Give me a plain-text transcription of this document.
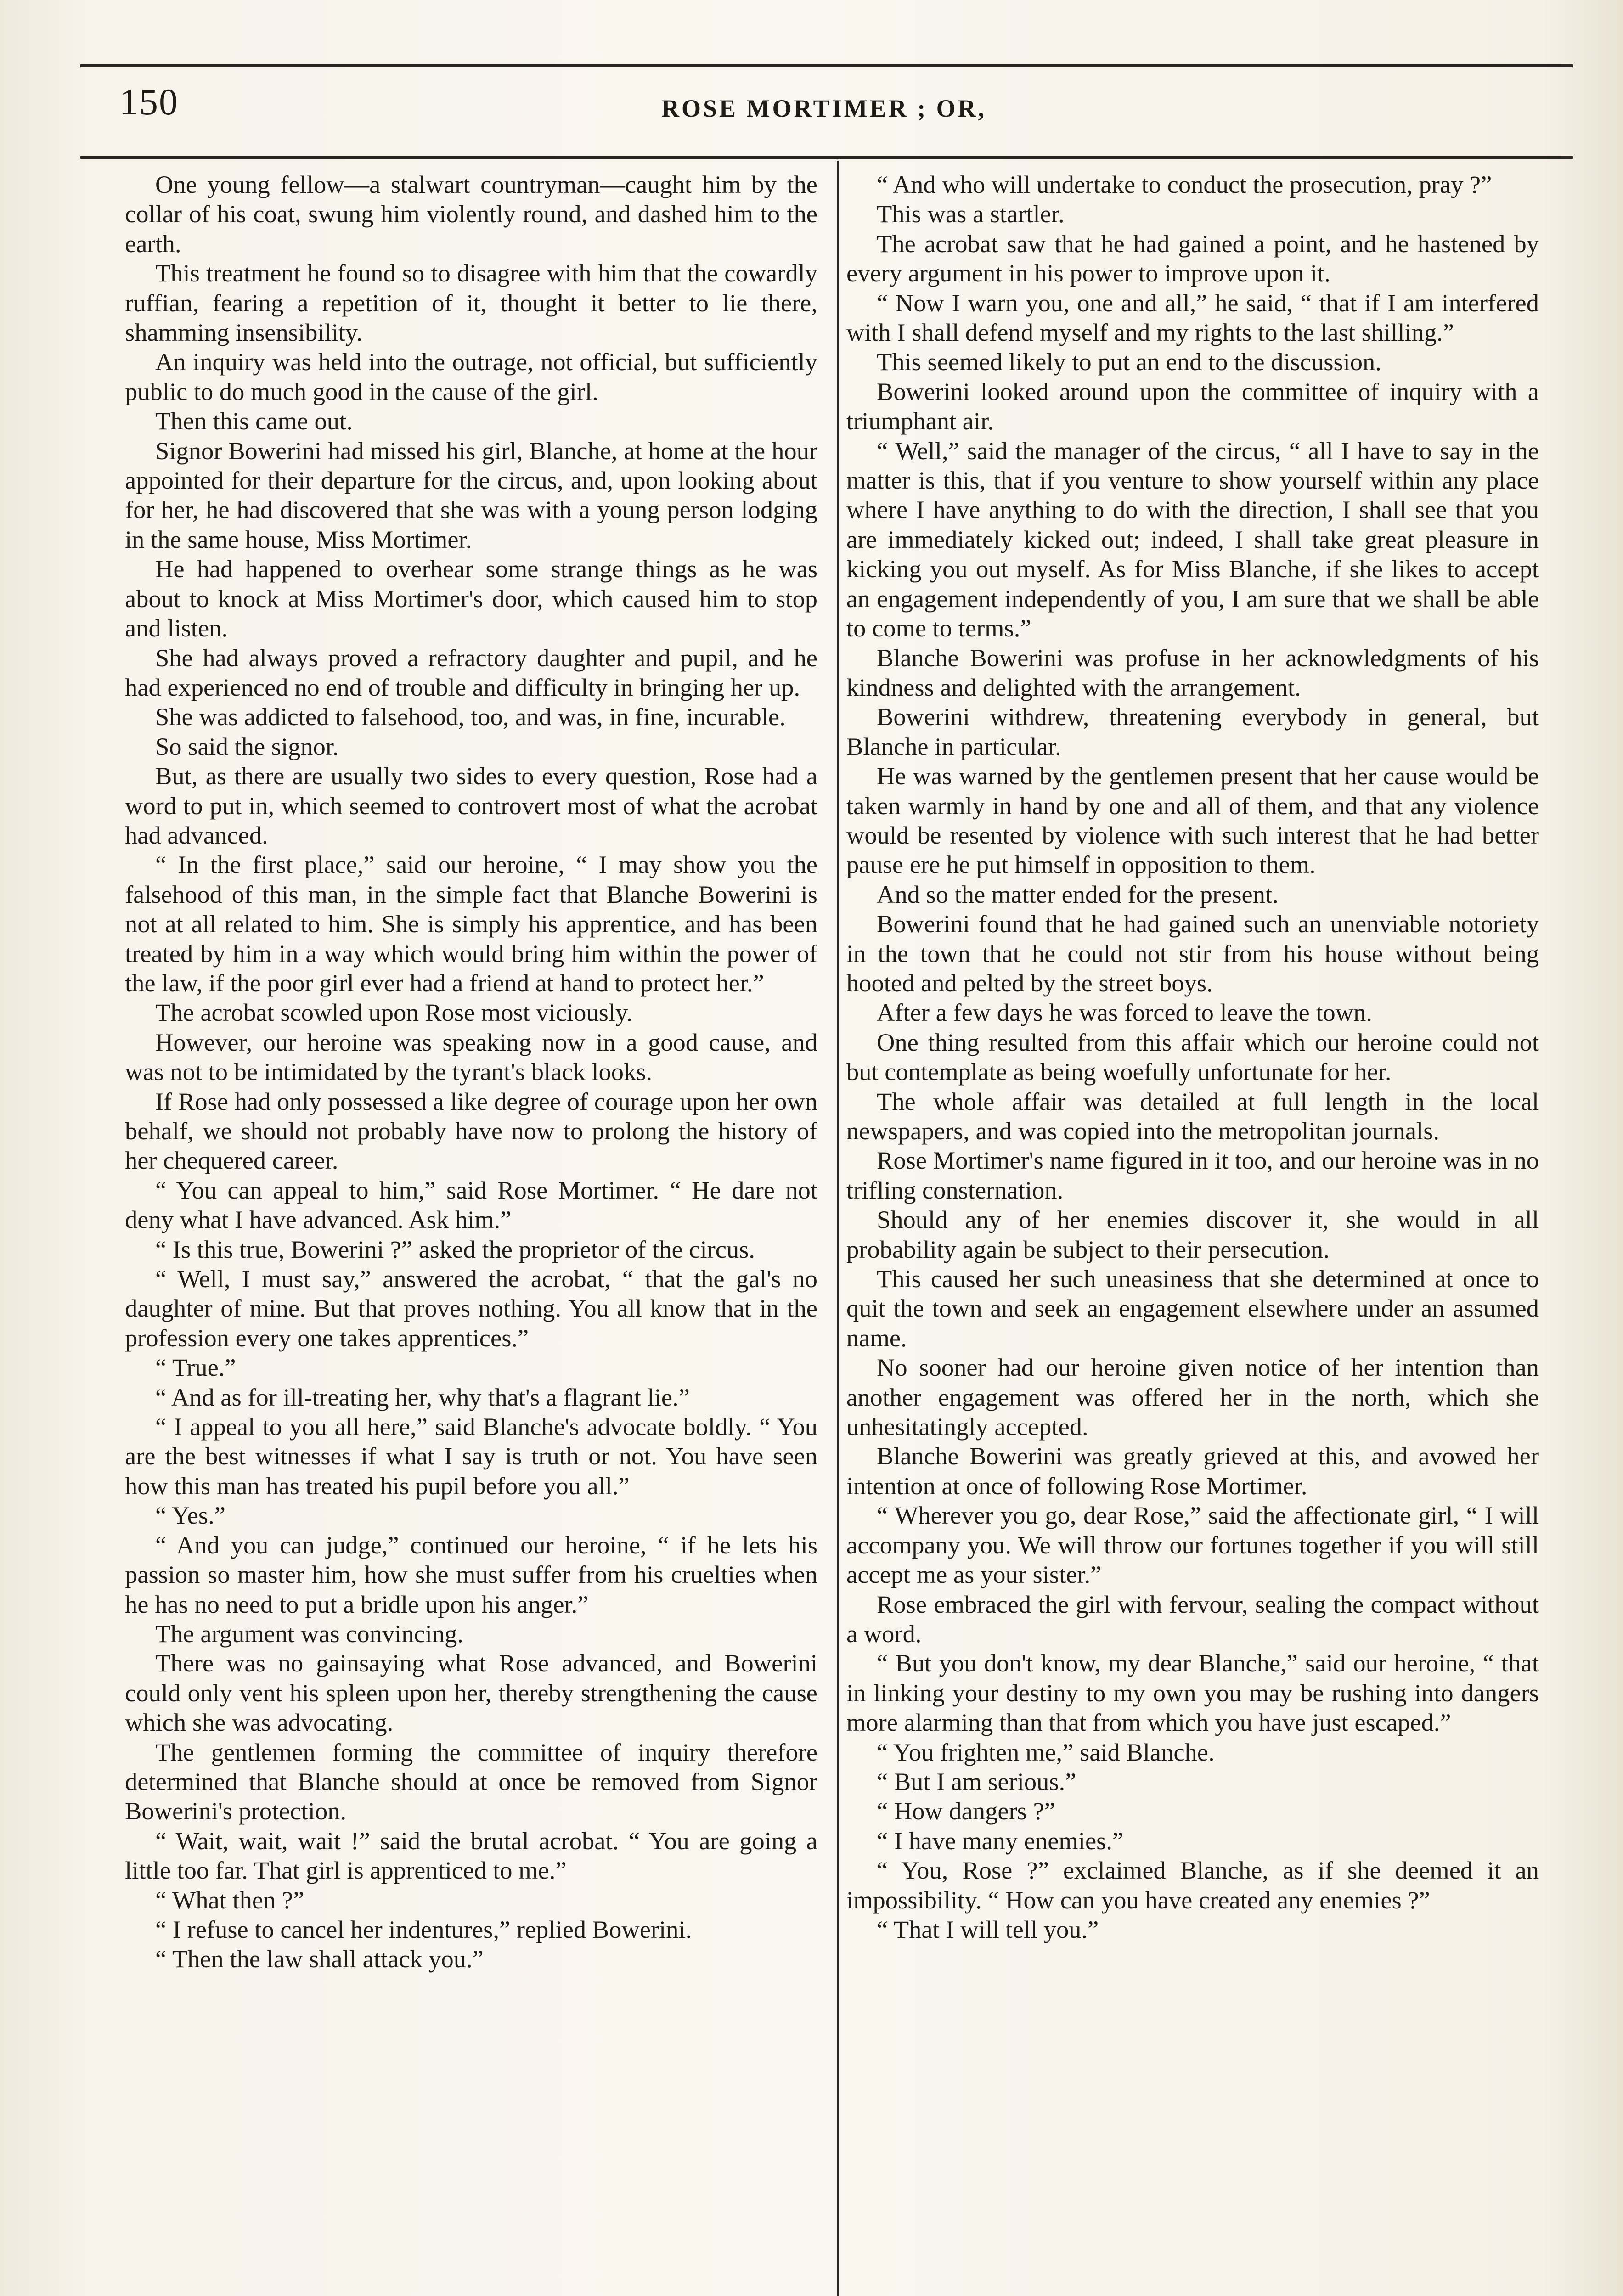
150	ROSE MORTIMER ; OR,

One young fellow—a stalwart countryman—caught him by the collar of his coat, swung him violently round, and dashed him to the earth.

This treatment he found so to disagree with him that the cowardly ruffian, fearing a repetition of it, thought it better to lie there, shamming insensibility.

An inquiry was held into the outrage, not official, but sufficiently public to do much good in the cause of the girl.

Then this came out.

Signor Bowerini had missed his girl, Blanche, at home at the hour appointed for their departure for the circus, and, upon looking about for her, he had discovered that she was with a young person lodging in the same house, Miss Mortimer.

He had happened to overhear some strange things as he was about to knock at Miss Mortimer's door, which caused him to stop and listen.

She had always proved a refractory daughter and pupil, and he had experienced no end of trouble and difficulty in bringing her up.

She was addicted to falsehood, too, and was, in fine, incurable.

So said the signor.

But, as there are usually two sides to every question, Rose had a word to put in, which seemed to controvert most of what the acrobat had advanced.

“ In the first place,” said our heroine, “ I may show you the falsehood of this man, in the simple fact that Blanche Bowerini is not at all related to him. She is simply his apprentice, and has been treated by him in a way which would bring him within the power of the law, if the poor girl ever had a friend at hand to protect her.”

The acrobat scowled upon Rose most viciously.

However, our heroine was speaking now in a good cause, and was not to be intimidated by the tyrant's black looks.

If Rose had only possessed a like degree of courage upon her own behalf, we should not probably have now to prolong the history of her chequered career.

“ You can appeal to him,” said Rose Mortimer. “ He dare not deny what I have advanced. Ask him.”

“ Is this true, Bowerini ?” asked the proprietor of the circus.

“ Well, I must say,” answered the acrobat, “ that the gal's no daughter of mine. But that proves nothing. You all know that in the profession every one takes apprentices.”

“ True.”

“ And as for ill-treating her, why that's a flagrant lie.”

“ I appeal to you all here,” said Blanche's advocate boldly. “ You are the best witnesses if what I say is truth or not. You have seen how this man has treated his pupil before you all.”

“ Yes.”

“ And you can judge,” continued our heroine, “ if he lets his passion so master him, how she must suffer from his cruelties when he has no need to put a bridle upon his anger.”

The argument was convincing.

There was no gainsaying what Rose advanced, and Bowerini could only vent his spleen upon her, thereby strengthening the cause which she was advocating.

The gentlemen forming the committee of inquiry therefore determined that Blanche should at once be removed from Signor Bowerini's protection.

“ Wait, wait, wait !” said the brutal acrobat. “ You are going a little too far. That girl is apprenticed to me.”

“ What then ?”

“ I refuse to cancel her indentures,” replied Bowerini.

“ Then the law shall attack you.”

“ And who will undertake to conduct the prosecution, pray ?”

This was a startler.

The acrobat saw that he had gained a point, and he hastened by every argument in his power to improve upon it.

“ Now I warn you, one and all,” he said, “ that if I am interfered with I shall defend myself and my rights to the last shilling.”

This seemed likely to put an end to the discussion.

Bowerini looked around upon the committee of inquiry with a triumphant air.

“ Well,” said the manager of the circus, “ all I have to say in the matter is this, that if you venture to show yourself within any place where I have anything to do with the direction, I shall see that you are immediately kicked out; indeed, I shall take great pleasure in kicking you out myself. As for Miss Blanche, if she likes to accept an engagement independently of you, I am sure that we shall be able to come to terms.”

Blanche Bowerini was profuse in her acknowledgments of his kindness and delighted with the arrangement.

Bowerini withdrew, threatening everybody in general, but Blanche in particular.

He was warned by the gentlemen present that her cause would be taken warmly in hand by one and all of them, and that any violence would be resented by violence with such interest that he had better pause ere he put himself in opposition to them.

And so the matter ended for the present.

Bowerini found that he had gained such an unenviable notoriety in the town that he could not stir from his house without being hooted and pelted by the street boys.

After a few days he was forced to leave the town.

One thing resulted from this affair which our heroine could not but contemplate as being woefully unfortunate for her.

The whole affair was detailed at full length in the local newspapers, and was copied into the metropolitan journals.

Rose Mortimer's name figured in it too, and our heroine was in no trifling consternation.

Should any of her enemies discover it, she would in all probability again be subject to their persecution.

This caused her such uneasiness that she determined at once to quit the town and seek an engagement elsewhere under an assumed name.

No sooner had our heroine given notice of her intention than another engagement was offered her in the north, which she unhesitatingly accepted.

Blanche Bowerini was greatly grieved at this, and avowed her intention at once of following Rose Mortimer.

“ Wherever you go, dear Rose,” said the affectionate girl, “ I will accompany you. We will throw our fortunes together if you will still accept me as your sister.”

Rose embraced the girl with fervour, sealing the compact without a word.

“ But you don't know, my dear Blanche,” said our heroine, “ that in linking your destiny to my own you may be rushing into dangers more alarming than that from which you have just escaped.”

“ You frighten me,” said Blanche.

“ But I am serious.”

“ How dangers ?”

“ I have many enemies.”

“ You, Rose ?” exclaimed Blanche, as if she deemed it an impossibility. “ How can you have created any enemies ?”

“ That I will tell you.”
